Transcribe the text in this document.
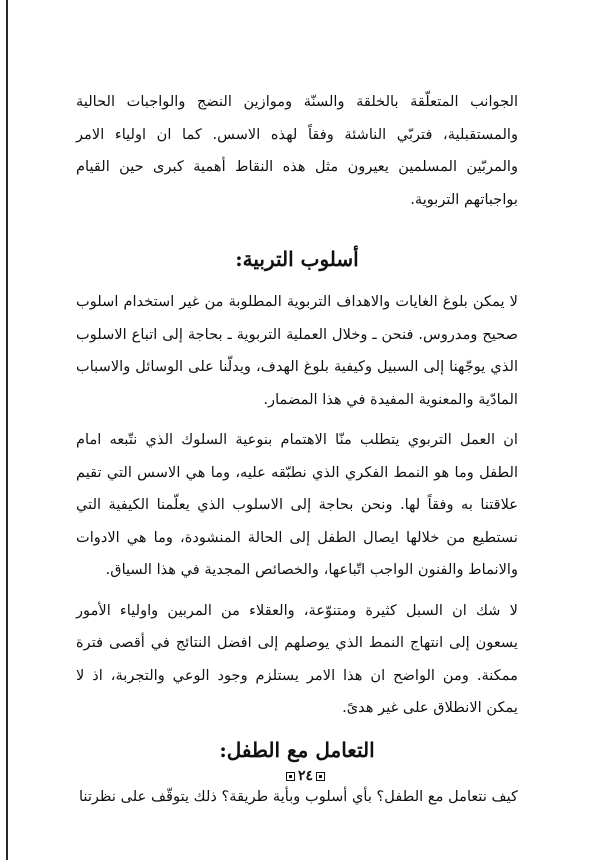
الجوانب المتعلّقة بالخلقة والسنّة وموازين النضج والواجبات الحالية والمستقبلية، فتربّي الناشئة وفقاً لهذه الاسس. كما ان اولياء الامر والمربّين المسلمين يعيرون مثل هذه النقاط أهمية كبرى حين القيام بواجباتهم التربوية.

أسلوب التربية:

لا يمكن بلوغ الغايات والاهداف التربوية المطلوبة من غير استخدام اسلوب صحيح ومدروس. فنحن ـ وخلال العملية التربوية ـ بحاجة إلى اتباع الاسلوب الذي يوجّهنا إلى السبيل وكيفية بلوغ الهدف، ويدلّنا على الوسائل والاسباب المادّية والمعنوية المفيدة في هذا المضمار.

ان العمل التربوي يتطلب منّا الاهتمام بنوعية السلوك الذي نتّبعه امام الطفل وما هو النمط الفكري الذي نطبّقه عليه، وما هي الاسس التي تقيم علاقتنا به وفقاً لها. ونحن بحاجة إلى الاسلوب الذي يعلّمنا الكيفية التي نستطيع من خلالها ايصال الطفل إلى الحالة المنشودة، وما هي الادوات والانماط والفنون الواجب اتّباعها، والخصائص المجدية في هذا السياق.

لا شك ان السبل كثيرة ومتنوّعة، والعقلاء من المربين واولياء الأمور يسعون إلى انتهاج النمط الذي يوصلهم إلى افضل النتائج في أقصى فترة ممكنة. ومن الواضح ان هذا الامر يستلزم وجود الوعي والتجربة، اذ لا يمكن الانطلاق على غير هدىً.

التعامل مع الطفل:

كيف نتعامل مع الطفل؟ بأي أسلوب وبأية طريقة؟ ذلك يتوقّف على نظرتنا

٢٤
